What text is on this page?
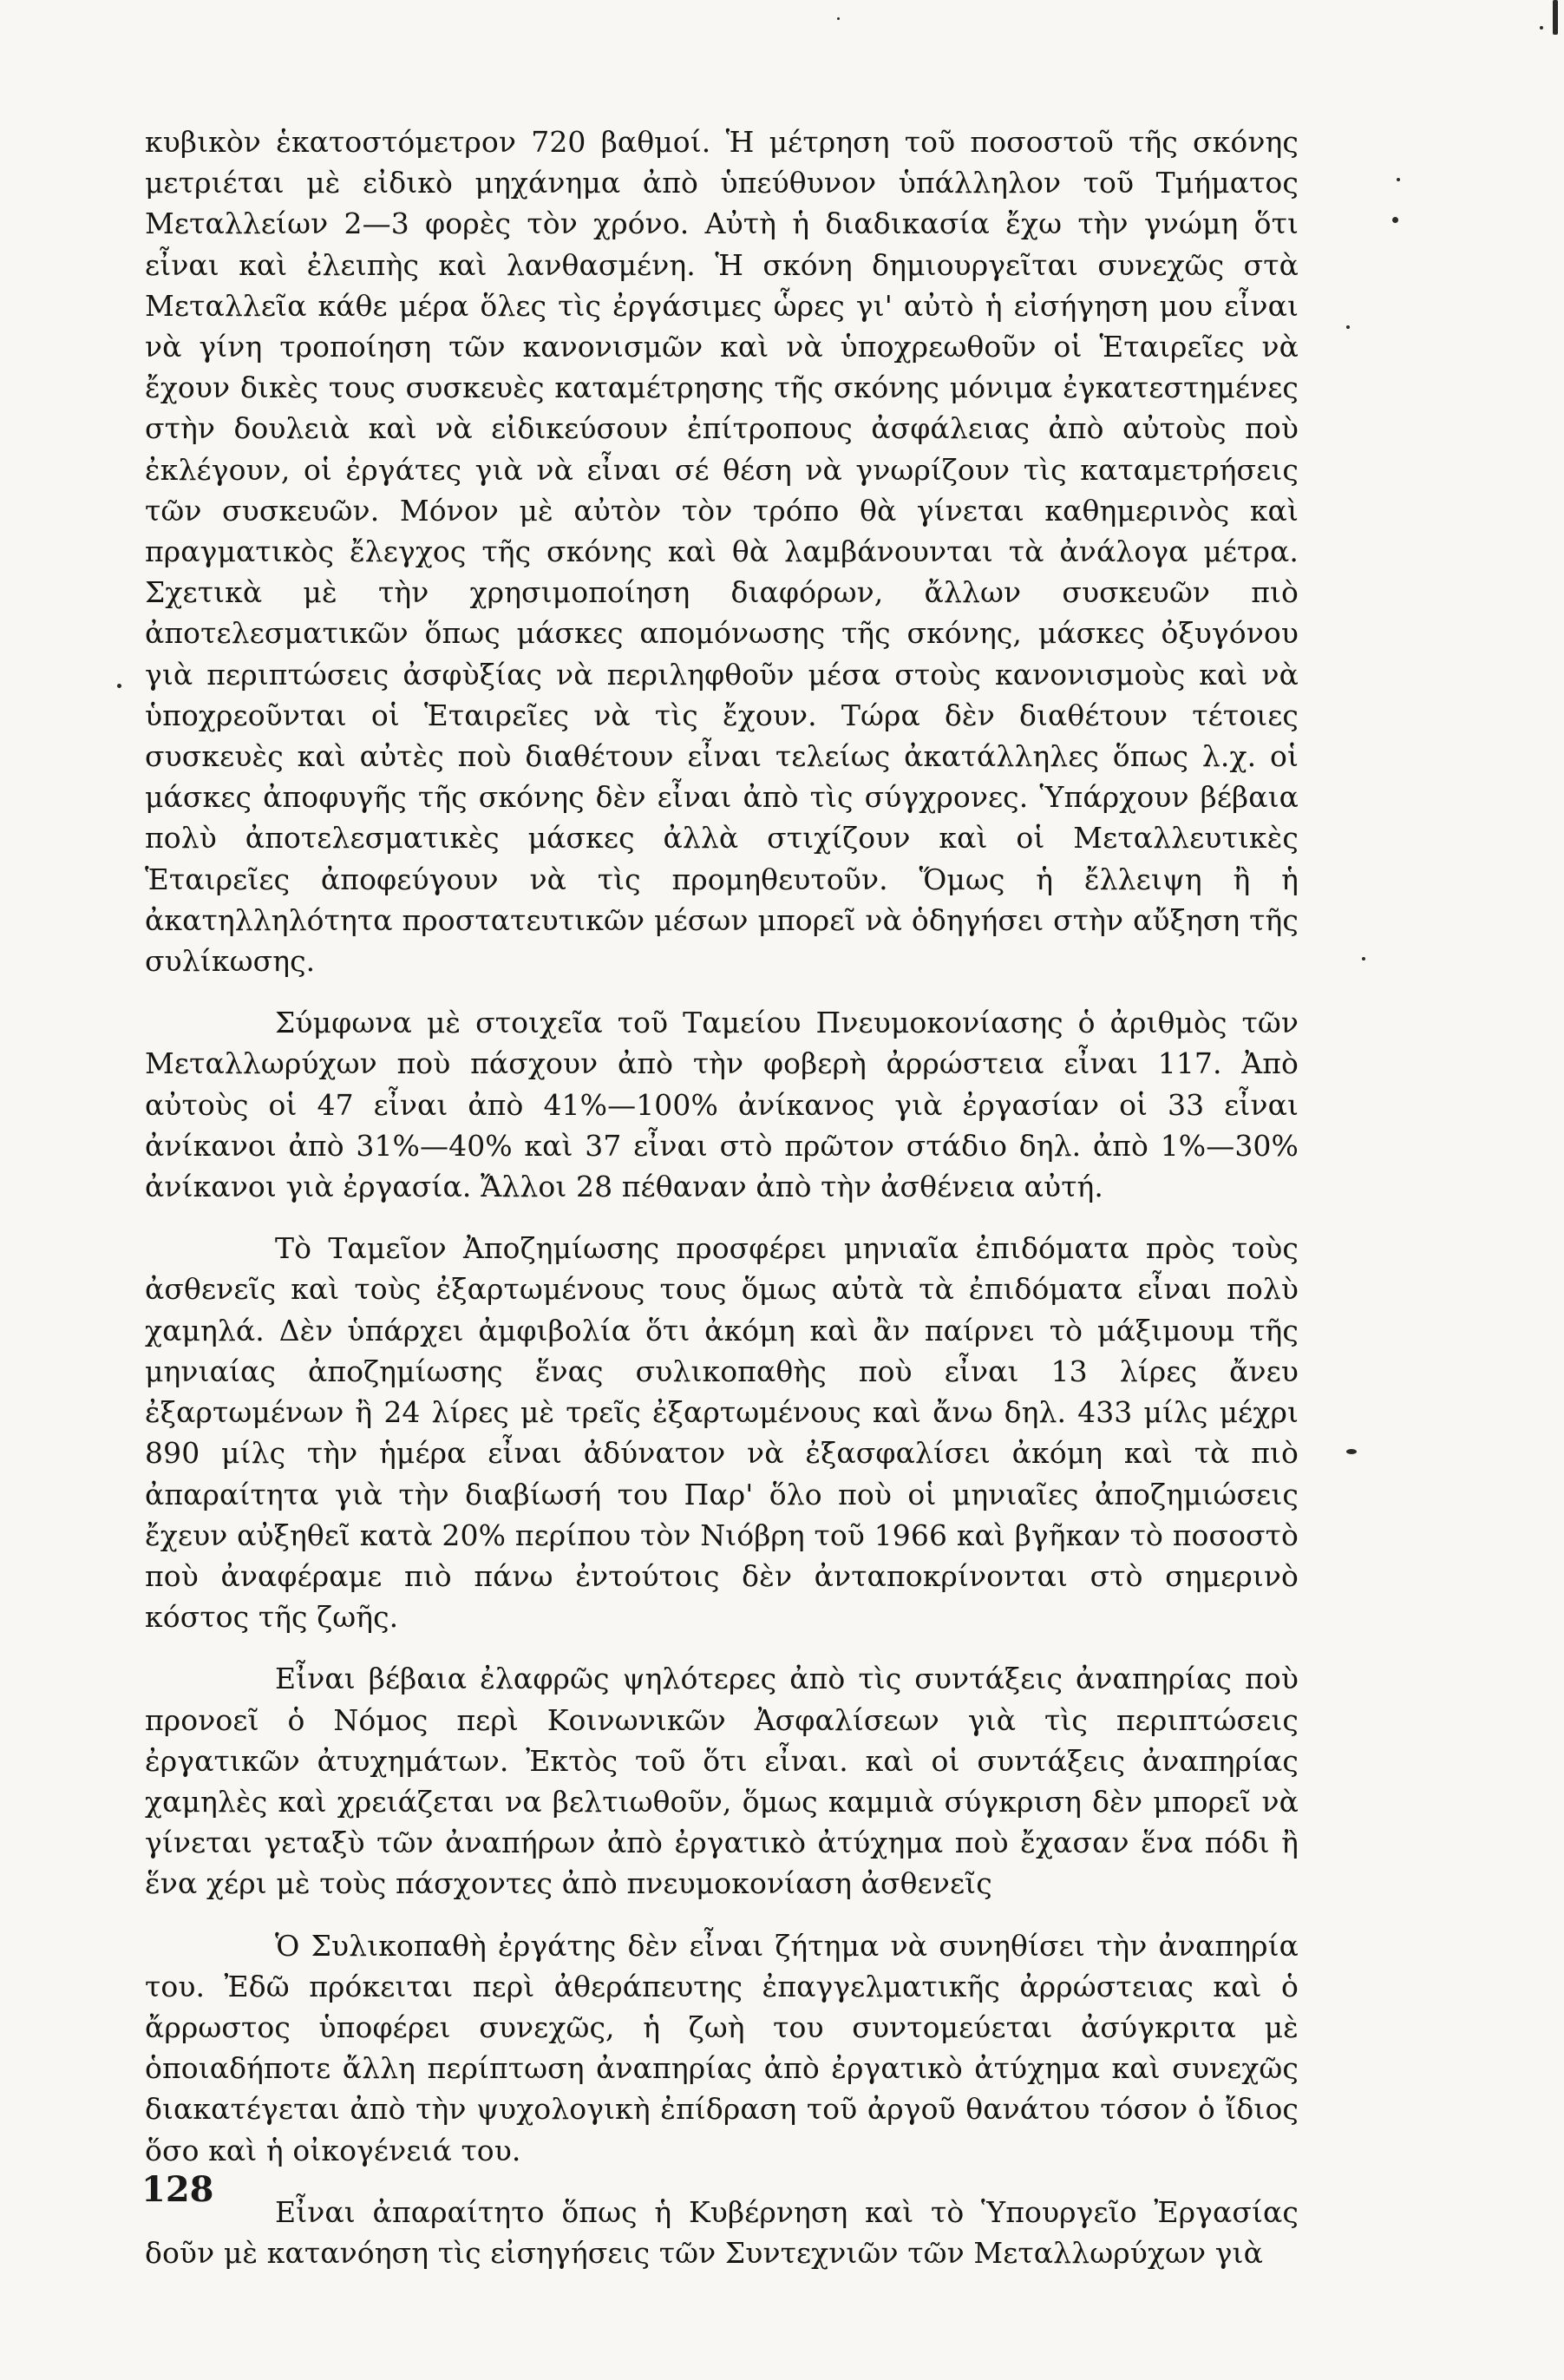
κυβικὸν ἑκατοστόμετρον 720 βαθμοί. Ἡ μέτρηση τοῦ ποσοστοῦ τῆς σκόνης μετριέται μὲ εἰδικὸ μηχάνημα ἀπὸ ὑπεύθυνον ὑπάλληλον τοῦ Τμήματος Μεταλλείων 2—3 φορὲς τὸν χρόνο. Αὐτὴ ἡ διαδικασία ἔχω τὴν γνώμη ὅτι εἶναι καὶ ἐλειπὴς καὶ λανθασμένη. Ἡ σκόνη δημιουργεῖται συνεχῶς στὰ Μεταλλεῖα κάθε μέρα ὅλες τὶς ἐργάσιμες ὧρες γι' αὐτὸ ἡ εἰσήγηση μου εἶναι νὰ γίνη τροποίηση τῶν κανονισμῶν καὶ νὰ ὑποχρεωθοῦν οἱ Ἑταιρεῖες νὰ ἔχουν δικὲς τους συσκευὲς καταμέτρησης τῆς σκόνης μόνιμα ἐγκατεστημένες στὴν δουλειὰ καὶ νὰ εἰδικεύσουν ἐπίτροπους ἀσφάλειας ἀπὸ αὐτοὺς ποὺ ἐκλέγουν, οἱ ἐργάτες γιὰ νὰ εἶναι σέ θέση νὰ γνωρίζουν τὶς καταμετρήσεις τῶν συσκευῶν. Μόνον μὲ αὐτὸν τὸν τρόπο θὰ γίνεται καθημερινὸς καὶ πραγματικὸς ἔλεγχος τῆς σκόνης καὶ θὰ λαμβάνουνται τὰ ἀνάλογα μέτρα. Σχετικὰ μὲ τὴν χρησιμοποίηση διαφόρων, ἄλλων συσκευῶν πιὸ ἀποτελεσματικῶν ὅπως μάσκες απομόνωσης τῆς σκόνης, μάσκες ὀξυγόνου γιὰ περιπτώσεις ἀσφὺξίας νὰ περιληφθοῦν μέσα στοὺς κανονισμοὺς καὶ νὰ ὑποχρεοῦνται οἱ Ἑταιρεῖες νὰ τὶς ἔχουν. Τώρα δὲν διαθέτουν τέτοιες συσκευὲς καὶ αὐτὲς ποὺ διαθέτουν εἶναι τελείως ἀκατάλληλες ὅπως λ.χ. οἱ μάσκες ἀποφυγῆς τῆς σκόνης δὲν εἶναι ἀπὸ τὶς σύγχρονες. Ὑπάρχουν βέβαια πολὺ ἀποτελεσματικὲς μάσκες ἀλλὰ στιχίζουν καὶ οἱ Μεταλλευτικὲς Ἑταιρεῖες ἀποφεύγουν νὰ τὶς προμηθευτοῦν. Ὅμως ἡ ἔλλειψη ἢ ἡ ἀκατηλληλότητα προστατευτικῶν μέσων μπορεῖ νὰ ὁδηγήσει στὴν αὔξηση τῆς συλίκωσης.

Σύμφωνα μὲ στοιχεῖα τοῦ Ταμείου Πνευμοκονίασης ὁ ἀριθμὸς τῶν Μεταλλωρύχων ποὺ πάσχουν ἀπὸ τὴν φοβερὴ ἀρρώστεια εἶναι 117. Ἀπὸ αὐτοὺς οἱ 47 εἶναι ἀπὸ 41%—100% ἀνίκανος γιὰ ἐργασίαν οἱ 33 εἶναι ἀνίκανοι ἀπὸ 31%—40% καὶ 37 εἶναι στὸ πρῶτον στάδιο δηλ. ἀπὸ 1%—30% ἀνίκανοι γιὰ ἐργασία. Ἄλλοι 28 πέθαναν ἀπὸ τὴν ἀσθένεια αὐτή.

Τὸ Ταμεῖον Ἀποζημίωσης προσφέρει μηνιαῖα ἐπιδόματα πρὸς τοὺς ἀσθενεῖς καὶ τοὺς ἐξαρτωμένους τους ὅμως αὐτὰ τὰ ἐπιδόματα εἶναι πολὺ χαμηλά. Δὲν ὑπάρχει ἀμφιβολία ὅτι ἀκόμη καὶ ἂν παίρνει τὸ μάξιμουμ τῆς μηνιαίας ἀποζημίωσης ἕνας συλικοπαθὴς ποὺ εἶναι 13 λίρες ἄνευ ἐξαρτωμένων ἢ 24 λίρες μὲ τρεῖς ἐξαρτωμένους καὶ ἄνω δηλ. 433 μίλς μέχρι 890 μίλς τὴν ἡμέρα εἶναι ἀδύνατον νὰ ἐξασφαλίσει ἀκόμη καὶ τὰ πιὸ ἀπαραίτητα γιὰ τὴν διαβίωσή του Παρ' ὅλο ποὺ οἱ μηνιαῖες ἀποζημιώσεις ἔχευν αὐξηθεῖ κατὰ 20% περίπου τὸν Νιόβρη τοῦ 1966 καὶ βγῆκαν τὸ ποσοστὸ ποὺ ἀναφέραμε πιὸ πάνω ἐντούτοις δὲν ἀνταποκρίνονται στὸ σημερινὸ κόστος τῆς ζωῆς.

Εἶναι βέβαια ἐλαφρῶς ψηλότερες ἀπὸ τὶς συντάξεις ἀναπηρίας ποὺ προνοεῖ ὁ Νόμος περὶ Κοινωνικῶν Ἀσφαλίσεων γιὰ τὶς περιπτώσεις ἐργατικῶν ἀτυχημάτων. Ἐκτὸς τοῦ ὅτι εἶναι. καὶ οἱ συντάξεις ἀναπηρίας χαμηλὲς καὶ χρειάζεται να βελτιωθοῦν, ὅμως καμμιὰ σύγκριση δὲν μπορεῖ νὰ γίνεται γεταξὺ τῶν ἀναπήρων ἀπὸ ἐργατικὸ ἀτύχημα ποὺ ἔχασαν ἕνα πόδι ἢ ἕνα χέρι μὲ τοὺς πάσχοντες ἀπὸ πνευμοκονίαση ἀσθενεῖς

Ὁ Συλικοπαθὴ ἐργάτης δὲν εἶναι ζήτημα νὰ συνηθίσει τὴν ἀναπηρία του. Ἐδῶ πρόκειται περὶ ἀθεράπευτης ἐπαγγελματικῆς ἀρρώστειας καὶ ὁ ἄρρωστος ὑποφέρει συνεχῶς, ἡ ζωὴ του συντομεύεται ἀσύγκριτα μὲ ὁποιαδήποτε ἄλλη περίπτωση ἀναπηρίας ἀπὸ ἐργατικὸ ἀτύχημα καὶ συνεχῶς διακατέγεται ἀπὸ τὴν ψυχολογικὴ ἐπίδραση τοῦ ἀργοῦ θανάτου τόσον ὁ ἴδιος ὅσο καὶ ἡ οἰκογένειά του.

Εἶναι ἀπαραίτητο ὅπως ἡ Κυβέρνηση καὶ τὸ Ὑπουργεῖο Ἐργασίας δοῦν μὲ κατανόηση τὶς εἰσηγήσεις τῶν Συντεχνιῶν τῶν Μεταλλωρύχων γιὰ

128
